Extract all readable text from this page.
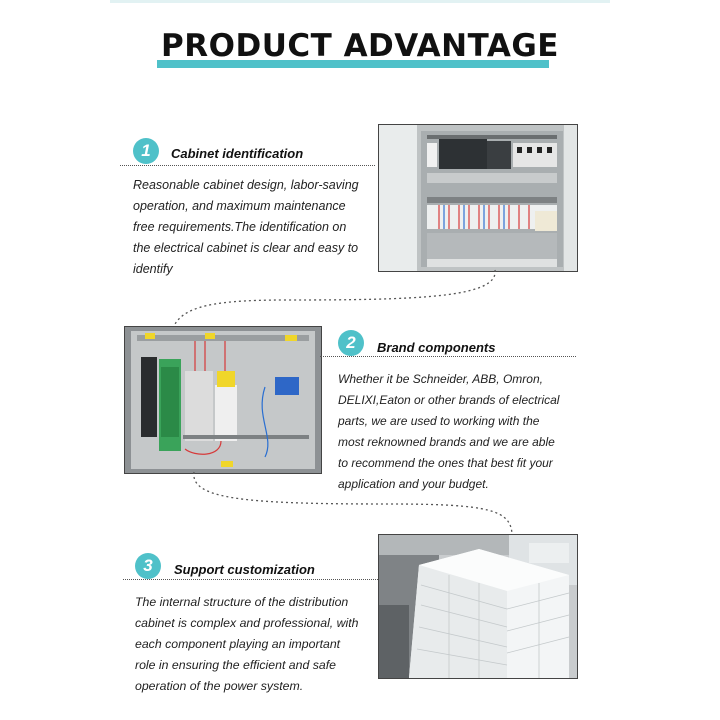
PRODUCT ADVANTAGE
1	Cabinet identification
Reasonable cabinet design, labor-saving
operation, and maximum maintenance
free requirements.The identification on
the electrical cabinet is clear and easy to
identify
2	Brand components
Whether it be Schneider, ABB, Omron,
DELIXI,Eaton or other brands of electrical
parts, we are used to working with the
most reknowned brands and we are able
to recommend the ones that best fit your
application and your budget.
3	Support customization
The internal structure of the distribution
cabinet is complex and professional, with
each component playing an important
role in ensuring the efficient and safe
operation of the power system.
